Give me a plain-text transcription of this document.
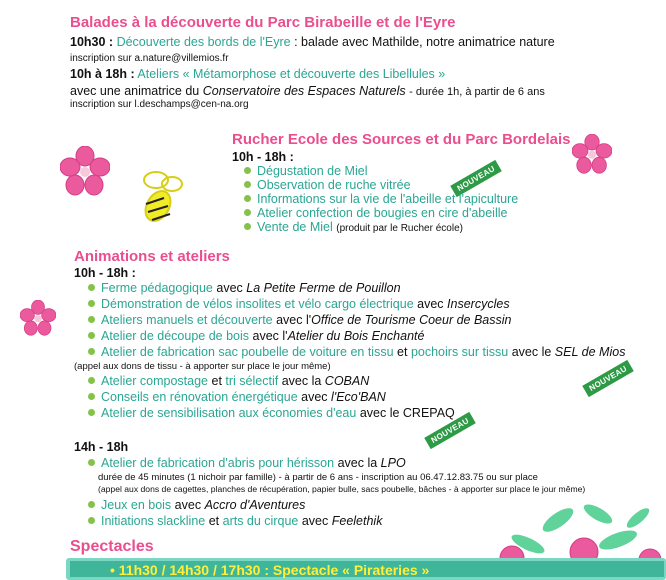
Balades à la découverte du Parc Birabeille et de l'Eyre
10h30 : Découverte des bords de l'Eyre : balade avec Mathilde, notre animatrice nature
inscription sur a.nature@villemios.fr
10h à 18h : Ateliers « Métamorphose et découverte des Libellules »
avec une animatrice du Conservatoire des Espaces Naturels - durée 1h, à partir de 6 ans
inscription sur l.deschamps@cen-na.org
Rucher Ecole des Sources et du Parc Bordelais
10h - 18h :
NOUVEAU
Dégustation de Miel
Observation de ruche vitrée
Informations sur la vie de l'abeille et l'apiculture
Atelier confection de bougies en cire d'abeille
Vente de Miel (produit par le Rucher école)
Animations et ateliers
10h - 18h :
Ferme pédagogique avec La Petite Ferme de Pouillon
Démonstration de vélos insolites et vélo cargo électrique avec Insercycles
Ateliers manuels et découverte avec l'Office de Tourisme Coeur de Bassin
Atelier de découpe de bois avec l'Atelier du Bois Enchanté
Atelier de fabrication sac poubelle de voiture en tissu et pochoirs sur tissu avec le SEL de Mios
(appel aux dons de tissu - à apporter sur place le jour même)	NOUVEAU
Atelier compostage et tri sélectif avec la COBAN
Conseils en rénovation énergétique avec l'Eco'BAN
Atelier de sensibilisation aux économies d'eau avec le CREPAQ
NOUVEAU
14h - 18h
Atelier de fabrication d'abris pour hérisson avec la LPO
durée de 45 minutes (1 nichoir par famille) - à partir de 6 ans - inscription au 06.47.12.83.75 ou sur place
(appel aux dons de cagettes, planches de récupération, papier bulle, sacs poubelle, bâches - à apporter sur place le jour même)
Jeux en bois avec Accro d'Aventures
Initiations slackline et arts du cirque avec Feelethik
Spectacles
• 11h30 / 14h30 / 17h30 : Spectacle « Pirateries »
